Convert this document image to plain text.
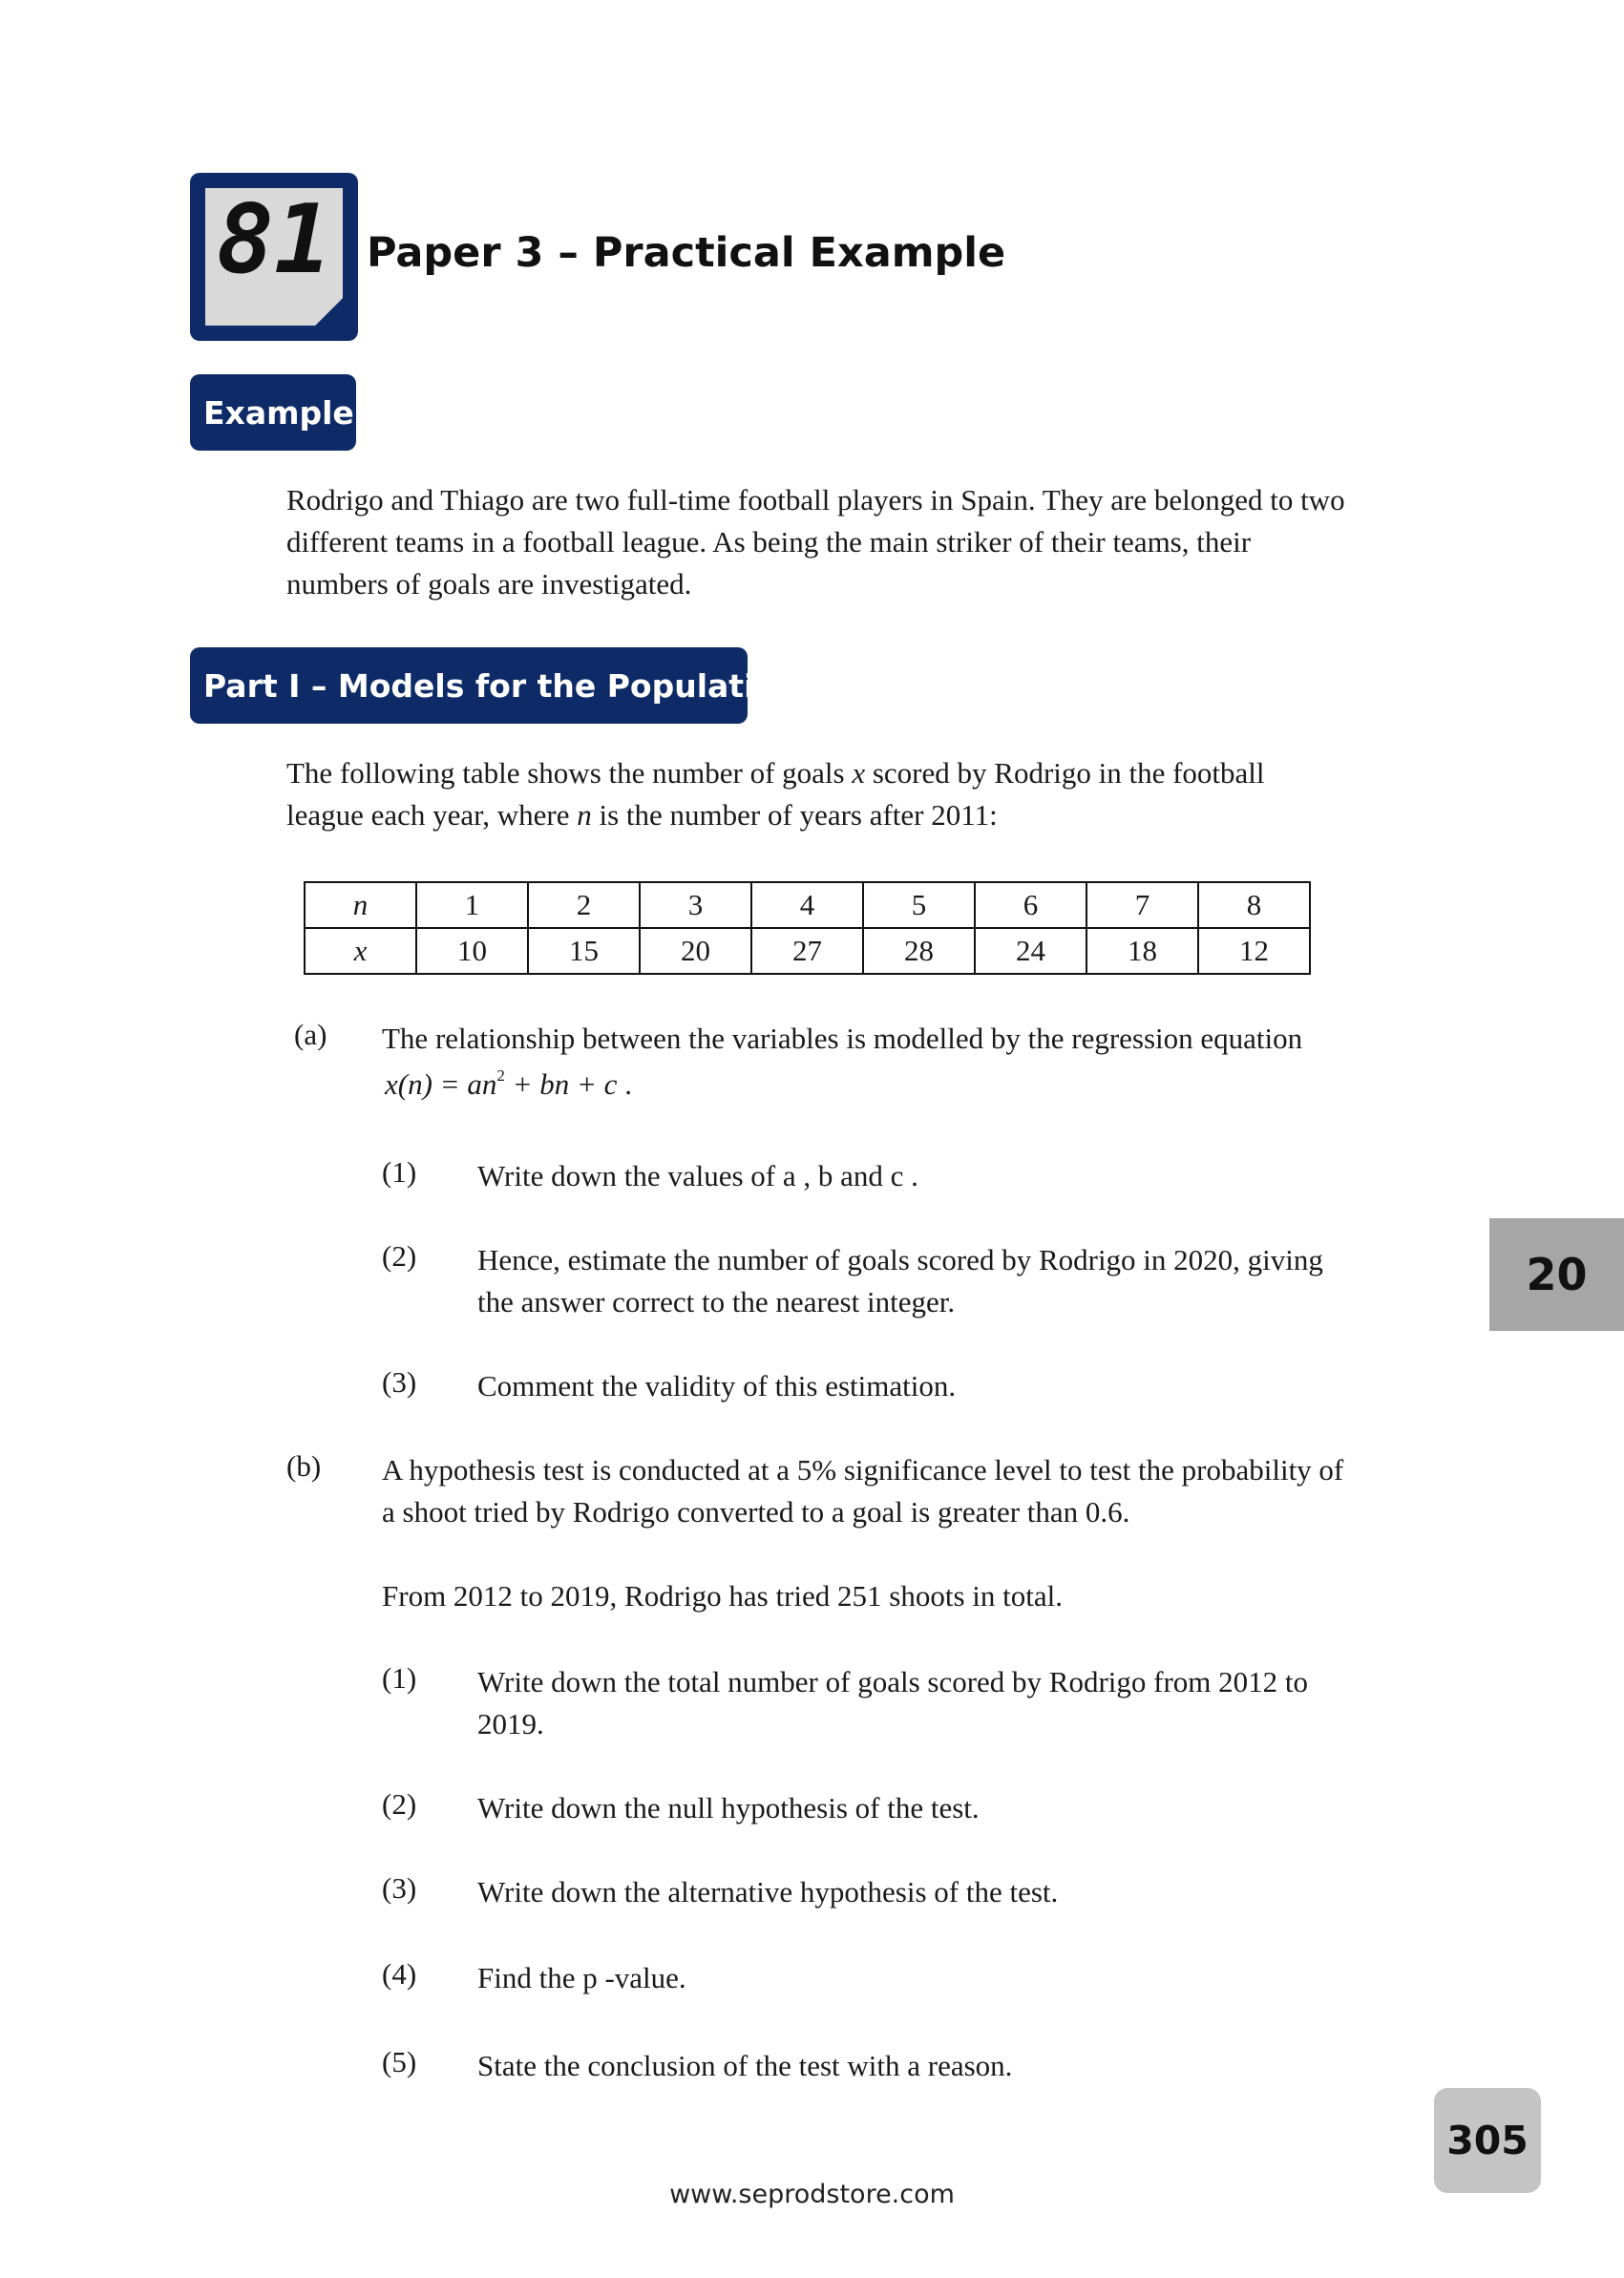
81 Paper 3 – Practical Example
Example
Rodrigo and Thiago are two full-time football players in Spain. They are belonged to two
different teams in a football league. As being the main striker of their teams, their
numbers of goals are investigated.
Part I – Models for the Population 1
The following table shows the number of goals x scored by Rodrigo in the football
league each year, where n is the number of years after 2011:
n	1	2	3	4	5	6	7	8
x	10	15	20	27	28	24	18	12
(a) The relationship between the variables is modelled by the regression equation
$x(n) = an^2$ + bn + c .
(1) Write down the values of a , b and c .
(2) Hence, estimate the number of goals scored by Rodrigo in 2020, giving
the answer correct to the nearest integer.
(3) Comment the validity of this estimation.
(b) A hypothesis test is conducted at a 5% significance level to test the probability of
a shoot tried by Rodrigo converted to a goal is greater than 0.6.
From 2012 to 2019, Rodrigo has tried 251 shoots in total.
(1) Write down the total number of goals scored by Rodrigo from 2012 to
2019.
(2) Write down the null hypothesis of the test.
(3) Write down the alternative hypothesis of the test.
(4) Find the p -value.
(5) State the conclusion of the test with a reason.
20
305
www.seprodstore.com
